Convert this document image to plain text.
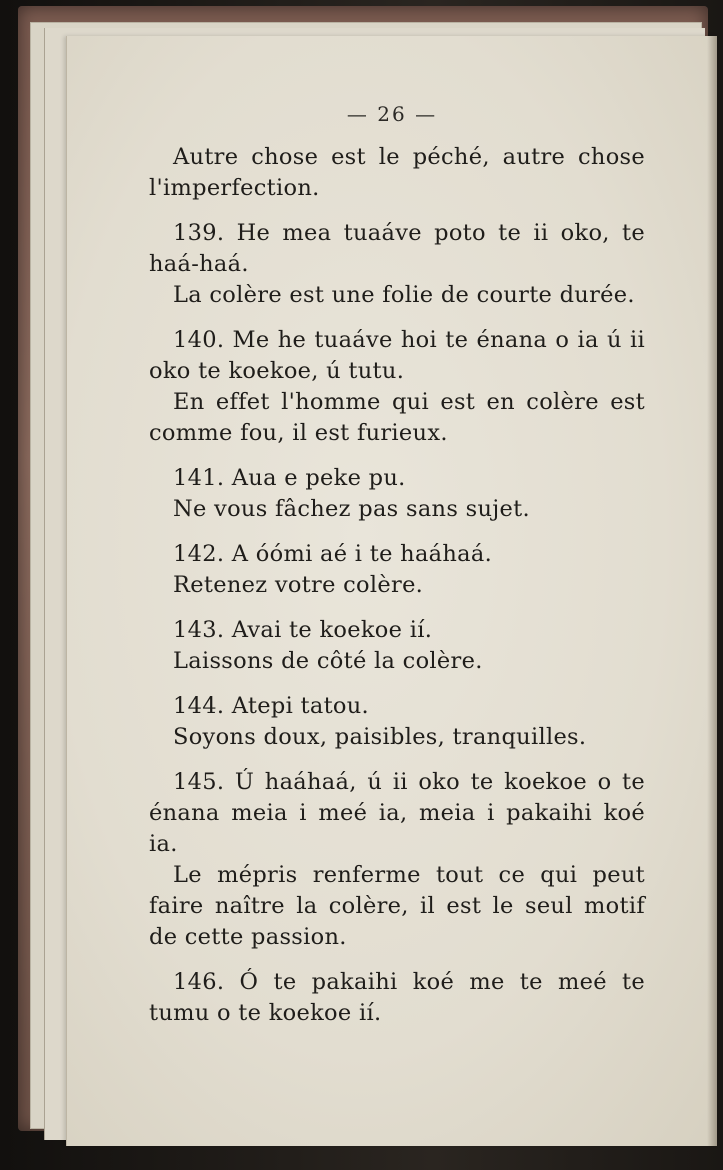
— 26 —

Autre chose est le péché, autre chose l'imperfection.

139. He mea tuaáve poto te ii oko, te haá-haá.

La colère est une folie de courte durée.

140. Me he tuaáve hoi te énana o ia ú ii oko te koekoe, ú tutu.

En effet l'homme qui est en colère est comme fou, il est furieux.

141. Aua e peke pu.

Ne vous fâchez pas sans sujet.

142. A óómi aé i te haáhaá.

Retenez votre colère.

143. Avai te koekoe ií.

Laissons de côté la colère.

144. Atepi tatou.

Soyons doux, paisibles, tranquilles.

145. Ú haáhaá, ú ii oko te koekoe o te énana meia i meé ia, meia i pakaihi koé ia.

Le mépris renferme tout ce qui peut faire naître la colère, il est le seul motif de cette passion.

146. Ó te pakaihi koé me te meé te tumu o te koekoe ií.
